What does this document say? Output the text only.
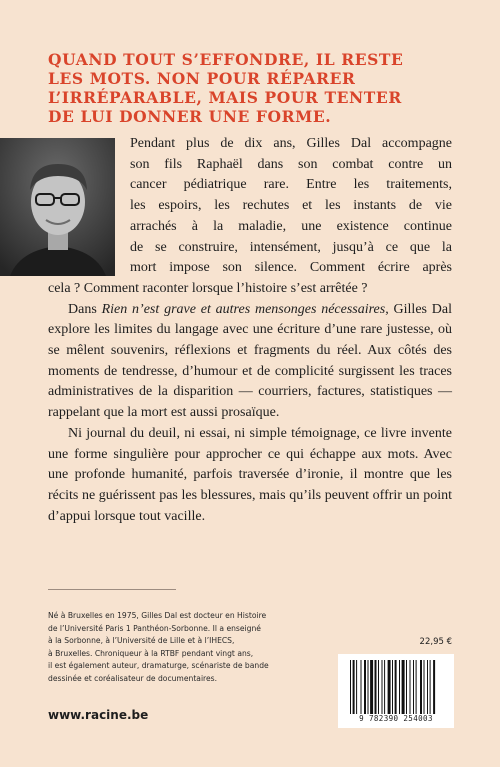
QUAND TOUT S’EFFONDRE, IL RESTE
LES MOTS. NON POUR RÉPARER
L’IRRÉPARABLE, MAIS POUR TENTER
DE LUI DONNER UNE FORME.

Pendant plus de dix ans, Gilles Dal accompagne
son fils Raphaël dans son combat contre un
cancer pédiatrique rare. Entre les traitements,
les espoirs, les rechutes et les instants de vie
arrachés à la maladie, une existence continue
de se construire, intensément, jusqu’à ce que la
mort impose son silence. Comment écrire après
cela ? Comment raconter lorsque l’histoire s’est arrêtée ?

Dans Rien n’est grave et autres mensonges nécessaires, Gilles Dal explore les limites du langage avec une écriture d’une rare justesse, où se mêlent souvenirs, réflexions et fragments du réel. Aux côtés des moments de tendresse, d’humour et de complicité surgissent les traces administratives de la disparition — courriers, factures, statistiques — rappelant que la mort est aussi prosaïque.

Ni journal du deuil, ni essai, ni simple témoignage, ce livre invente une forme singulière pour approcher ce qui échappe aux mots. Avec une profonde humanité, parfois traversée d’ironie, il montre que les récits ne guérissent pas les blessures, mais qu’ils peuvent offrir un point d’appui lorsque tout vacille.

Né à Bruxelles en 1975, Gilles Dal est docteur en Histoire
de l’Université Paris 1 Panthéon-Sorbonne. Il a enseigné
à la Sorbonne, à l’Université de Lille et à l’IHECS,
à Bruxelles. Chroniqueur à la RTBF pendant vingt ans,
il est également auteur, dramaturge, scénariste de bande
dessinée et coréalisateur de documentaires.
www.racine.be
22,95 €
9 782390 254003
